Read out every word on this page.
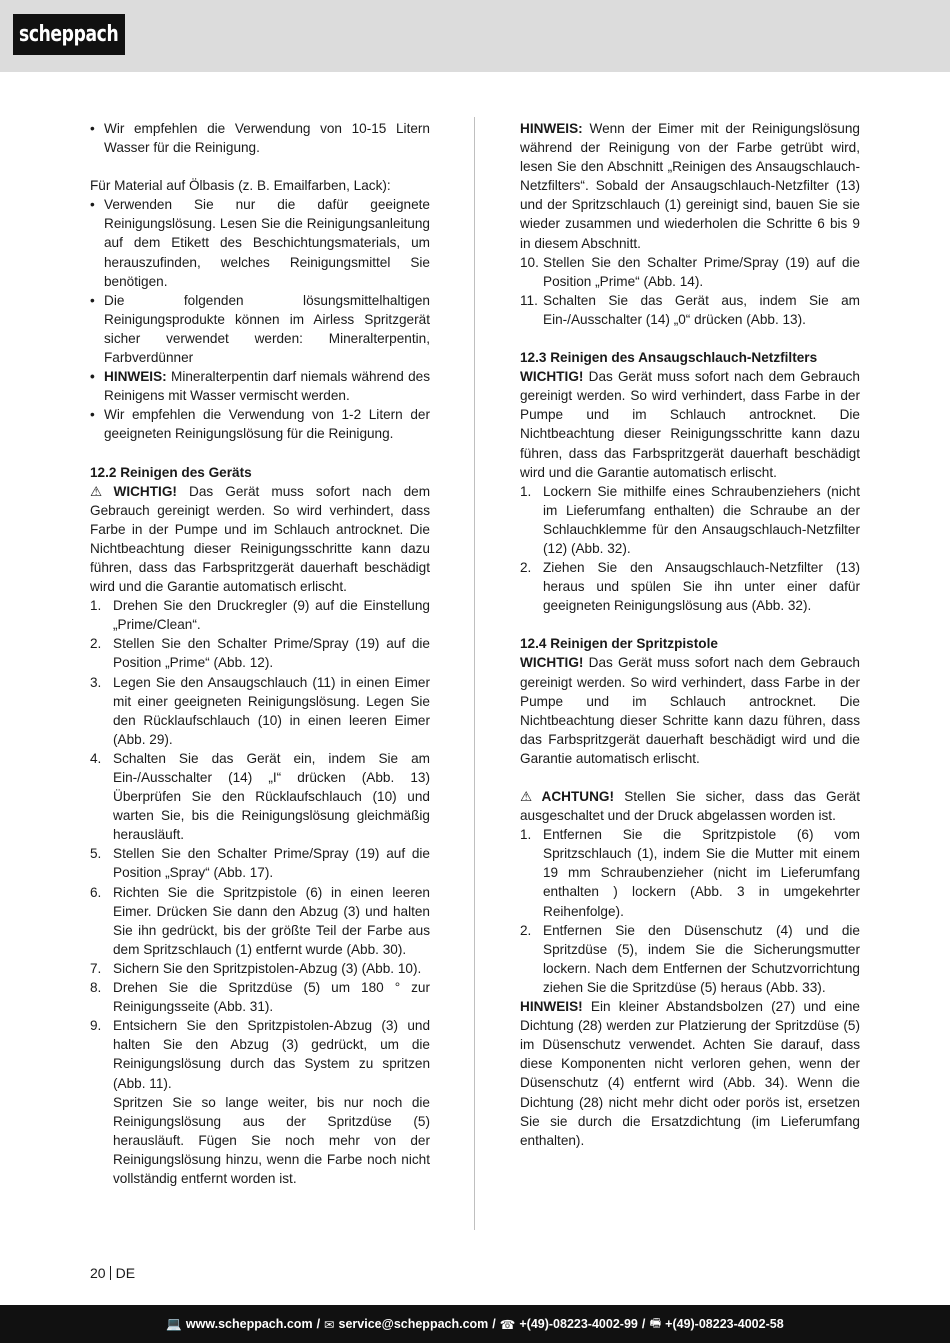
scheppach
• Wir empfehlen die Verwendung von 10-15 Litern Wasser für die Reinigung.

Für Material auf Ölbasis (z. B. Emailfarben, Lack):

• Verwenden Sie nur die dafür geeignete Reinigungslösung. Lesen Sie die Reinigungsanleitung auf dem Etikett des Beschichtungsmaterials, um herauszufinden, welches Reinigungsmittel Sie benötigen.
• Die folgenden lösungsmittelhaltigen Reinigungsprodukte können im Airless Spritzgerät sicher verwendet werden: Mineralterpentin, Farbverdünner
• HINWEIS: Mineralterpentin darf niemals während des Reinigens mit Wasser vermischt werden.
• Wir empfehlen die Verwendung von 1-2 Litern der geeigneten Reinigungslösung für die Reinigung.

12.2 Reinigen des Geräts

⚠ WICHTIG! Das Gerät muss sofort nach dem Gebrauch gereinigt werden. So wird verhindert, dass Farbe in der Pumpe und im Schlauch antrocknet. Die Nichtbeachtung dieser Reinigungsschritte kann dazu führen, dass das Farbspritzgerät dauerhaft beschädigt wird und die Garantie automatisch erlischt.

1. Drehen Sie den Druckregler (9) auf die Einstellung „Prime/Clean“.
2. Stellen Sie den Schalter Prime/Spray (19) auf die Position „Prime“ (Abb. 12).
3. Legen Sie den Ansaugschlauch (11) in einen Eimer mit einer geeigneten Reinigungslösung. Legen Sie den Rücklaufschlauch (10) in einen leeren Eimer (Abb. 29).
4. Schalten Sie das Gerät ein, indem Sie am Ein-/Ausschalter (14) „I“ drücken (Abb. 13) Überprüfen Sie den Rücklaufschlauch (10) und warten Sie, bis die Reinigungslösung gleichmäßig herausläuft.
5. Stellen Sie den Schalter Prime/Spray (19) auf die Position „Spray“ (Abb. 17).
6. Richten Sie die Spritzpistole (6) in einen leeren Eimer. Drücken Sie dann den Abzug (3) und halten Sie ihn gedrückt, bis der größte Teil der Farbe aus dem Spritzschlauch (1) entfernt wurde (Abb. 30).
7. Sichern Sie den Spritzpistolen-Abzug (3) (Abb. 10).
8. Drehen Sie die Spritzdüse (5) um 180 ° zur Reinigungsseite (Abb. 31).
9. Entsichern Sie den Spritzpistolen-Abzug (3) und halten Sie den Abzug (3) gedrückt, um die Reinigungslösung durch das System zu spritzen (Abb. 11).
Spritzen Sie so lange weiter, bis nur noch die Reinigungslösung aus der Spritzdüse (5) herausläuft. Fügen Sie noch mehr von der Reinigungslösung hinzu, wenn die Farbe noch nicht vollständig entfernt worden ist.

HINWEIS: Wenn der Eimer mit der Reinigungslösung während der Reinigung von der Farbe getrübt wird, lesen Sie den Abschnitt „Reinigen des Ansaugschlauch-Netzfilters“. Sobald der Ansaugschlauch-Netzfilter (13) und der Spritzschlauch (1) gereinigt sind, bauen Sie sie wieder zusammen und wiederholen die Schritte 6 bis 9 in diesem Abschnitt.

10. Stellen Sie den Schalter Prime/Spray (19) auf die Position „Prime“ (Abb. 14).
11. Schalten Sie das Gerät aus, indem Sie am Ein-/Ausschalter (14) „0“ drücken (Abb. 13).

12.3 Reinigen des Ansaugschlauch-Netzfilters

WICHTIG! Das Gerät muss sofort nach dem Gebrauch gereinigt werden. So wird verhindert, dass Farbe in der Pumpe und im Schlauch antrocknet. Die Nichtbeachtung dieser Reinigungsschritte kann dazu führen, dass das Farbspritzgerät dauerhaft beschädigt wird und die Garantie automatisch erlischt.

1. Lockern Sie mithilfe eines Schraubenziehers (nicht im Lieferumfang enthalten) die Schraube an der Schlauchklemme für den Ansaugschlauch-Netzfilter (12) (Abb. 32).
2. Ziehen Sie den Ansaugschlauch-Netzfilter (13) heraus und spülen Sie ihn unter einer dafür geeigneten Reinigungslösung aus (Abb. 32).

12.4 Reinigen der Spritzpistole

WICHTIG! Das Gerät muss sofort nach dem Gebrauch gereinigt werden. So wird verhindert, dass Farbe in der Pumpe und im Schlauch antrocknet. Die Nichtbeachtung dieser Schritte kann dazu führen, dass das Farbspritzgerät dauerhaft beschädigt wird und die Garantie automatisch erlischt.

⚠ ACHTUNG! Stellen Sie sicher, dass das Gerät ausgeschaltet und der Druck abgelassen worden ist.

1. Entfernen Sie die Spritzpistole (6) vom Spritzschlauch (1), indem Sie die Mutter mit einem 19 mm Schraubenzieher (nicht im Lieferumfang enthalten ) lockern (Abb. 3 in umgekehrter Reihenfolge).
2. Entfernen Sie den Düsenschutz (4) und die Spritzdüse (5), indem Sie die Sicherungsmutter lockern. Nach dem Entfernen der Schutzvorrichtung ziehen Sie die Spritzdüse (5) heraus (Abb. 33).

HINWEIS! Ein kleiner Abstandsbolzen (27) und eine Dichtung (28) werden zur Platzierung der Spritzdüse (5) im Düsenschutz verwendet. Achten Sie darauf, dass diese Komponenten nicht verloren gehen, wenn der Düsenschutz (4) entfernt wird (Abb. 34). Wenn die Dichtung (28) nicht mehr dicht oder porös ist, ersetzen Sie sie durch die Ersatzdichtung (im Lieferumfang enthalten).

20 DE
💻 www.scheppach.com / ✉ service@scheppach.com / ☎ +(49)-08223-4002-99 / 🖷 +(49)-08223-4002-58
